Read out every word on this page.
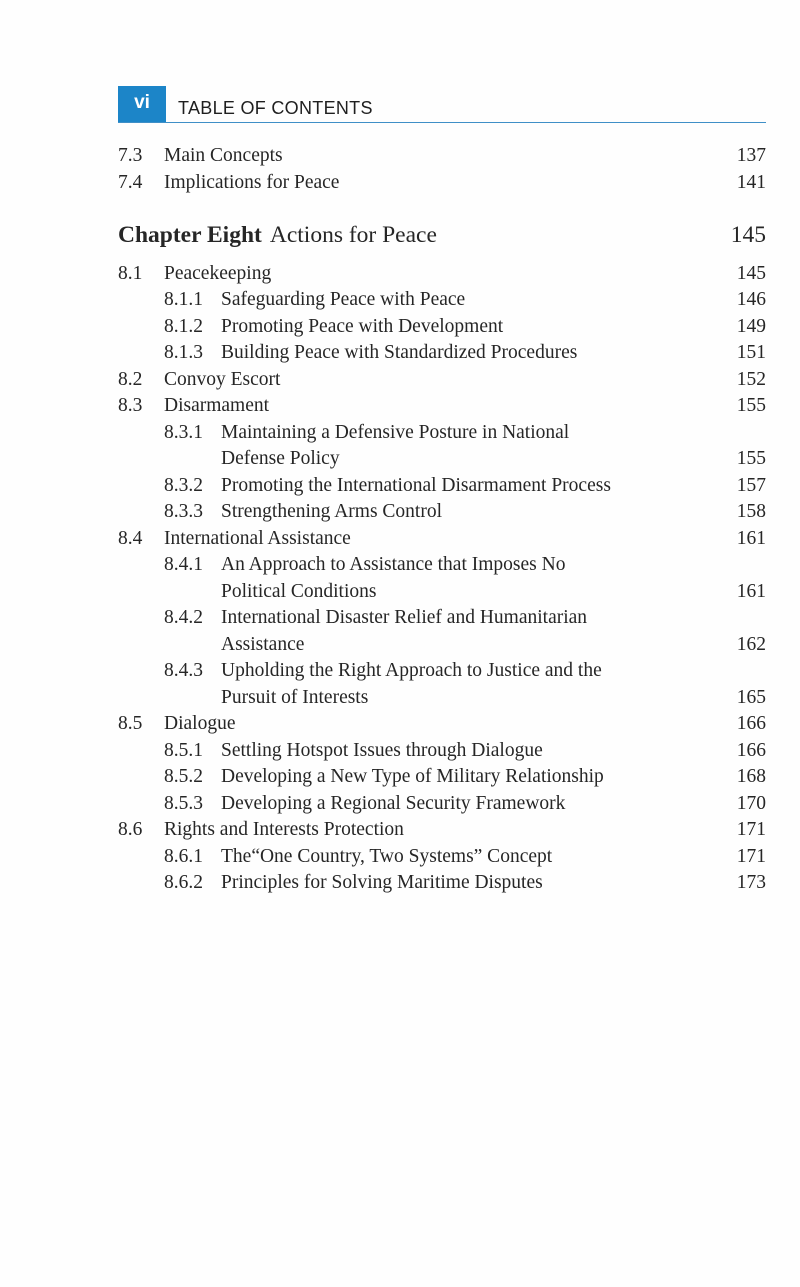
vi	TABLE OF CONTENTS
7.3 Main Concepts	137
7.4 Implications for Peace	141
Chapter Eight Actions for Peace	145
8.1 Peacekeeping	145
8.1.1 Safeguarding Peace with Peace	146
8.1.2 Promoting Peace with Development	149
8.1.3 Building Peace with Standardized Procedures	151
8.2 Convoy Escort	152
8.3 Disarmament	155
8.3.1 Maintaining a Defensive Posture in National
Defense Policy	155
8.3.2 Promoting the International Disarmament Process	157
8.3.3 Strengthening Arms Control	158
8.4 International Assistance	161
8.4.1 An Approach to Assistance that Imposes No
Political Conditions	161
8.4.2 International Disaster Relief and Humanitarian
Assistance	162
8.4.3 Upholding the Right Approach to Justice and the
Pursuit of Interests	165
8.5 Dialogue	166
8.5.1 Settling Hotspot Issues through Dialogue	166
8.5.2 Developing a New Type of Military Relationship	168
8.5.3 Developing a Regional Security Framework	170
8.6 Rights and Interests Protection	171
8.6.1 The“One Country, Two Systems” Concept	171
8.6.2 Principles for Solving Maritime Disputes	173
